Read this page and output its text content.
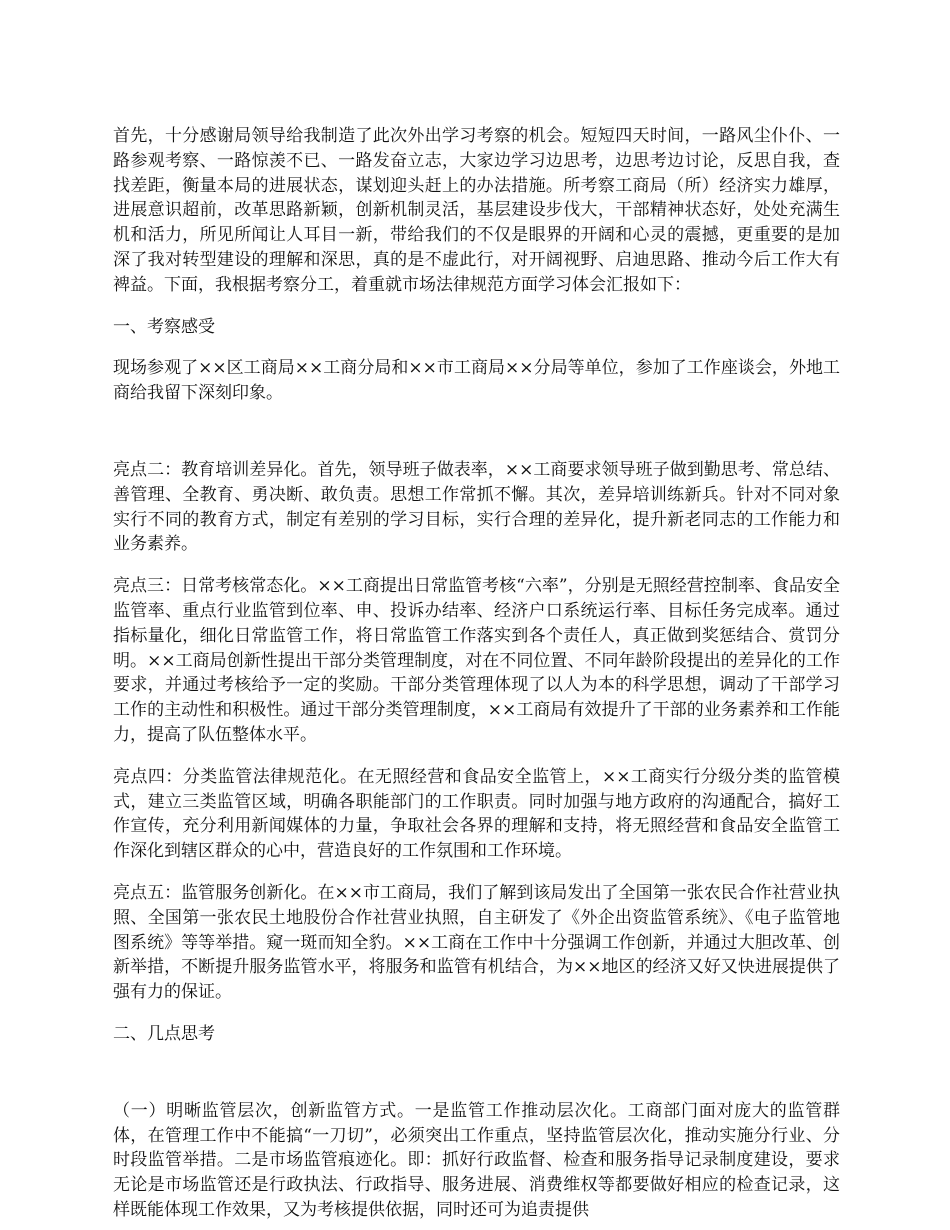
首先，十分感谢局领导给我制造了此次外出学习考察的机会。短短四天时间，一路风尘仆仆、一路参观考察、一路惊羡不已、一路发奋立志，大家边学习边思考，边思考边讨论，反思自我，查找差距，衡量本局的进展状态，谋划迎头赶上的办法措施。所考察工商局（所）经济实力雄厚，进展意识超前，改革思路新颖，创新机制灵活，基层建设步伐大，干部精神状态好，处处充满生机和活力，所见所闻让人耳目一新，带给我们的不仅是眼界的开阔和心灵的震撼，更重要的是加深了我对转型建设的理解和深思，真的是不虚此行，对开阔视野、启迪思路、推动今后工作大有裨益。下面，我根据考察分工，着重就市场法律规范方面学习体会汇报如下：

一、考察感受

现场参观了××区工商局××工商分局和××市工商局××分局等单位，参加了工作座谈会，外地工商给我留下深刻印象。

亮点二：教育培训差异化。首先，领导班子做表率，××工商要求领导班子做到勤思考、常总结、善管理、全教育、勇决断、敢负责。思想工作常抓不懈。其次，差异培训练新兵。针对不同对象实行不同的教育方式，制定有差别的学习目标，实行合理的差异化，提升新老同志的工作能力和业务素养。

亮点三：日常考核常态化。××工商提出日常监管考核“六率”，分别是无照经营控制率、食品安全监管率、重点行业监管到位率、申、投诉办结率、经济户口系统运行率、目标任务完成率。通过指标量化，细化日常监管工作，将日常监管工作落实到各个责任人，真正做到奖惩结合、赏罚分明。××工商局创新性提出干部分类管理制度，对在不同位置、不同年龄阶段提出的差异化的工作要求，并通过考核给予一定的奖励。干部分类管理体现了以人为本的科学思想，调动了干部学习工作的主动性和积极性。通过干部分类管理制度，××工商局有效提升了干部的业务素养和工作能力，提高了队伍整体水平。

亮点四：分类监管法律规范化。在无照经营和食品安全监管上，××工商实行分级分类的监管模式，建立三类监管区域，明确各职能部门的工作职责。同时加强与地方政府的沟通配合，搞好工作宣传，充分利用新闻媒体的力量，争取社会各界的理解和支持，将无照经营和食品安全监管工作深化到辖区群众的心中，营造良好的工作氛围和工作环境。

亮点五：监管服务创新化。在××市工商局，我们了解到该局发出了全国第一张农民合作社营业执照、全国第一张农民土地股份合作社营业执照，自主研发了《外企出资监管系统》、《电子监管地图系统》等等举措。窥一斑而知全豹。××工商在工作中十分强调工作创新，并通过大胆改革、创新举措，不断提升服务监管水平，将服务和监管有机结合，为××地区的经济又好又快进展提供了强有力的保证。

二、几点思考

（一）明晰监管层次，创新监管方式。一是监管工作推动层次化。工商部门面对庞大的监管群体，在管理工作中不能搞“一刀切”，必须突出工作重点，坚持监管层次化，推动实施分行业、分时段监管举措。二是市场监管痕迹化。即：抓好行政监督、检查和服务指导记录制度建设，要求无论是市场监管还是行政执法、行政指导、服务进展、消费维权等都要做好相应的检查记录，这样既能体现工作效果，又为考核提供依据，同时还可为追责提供
